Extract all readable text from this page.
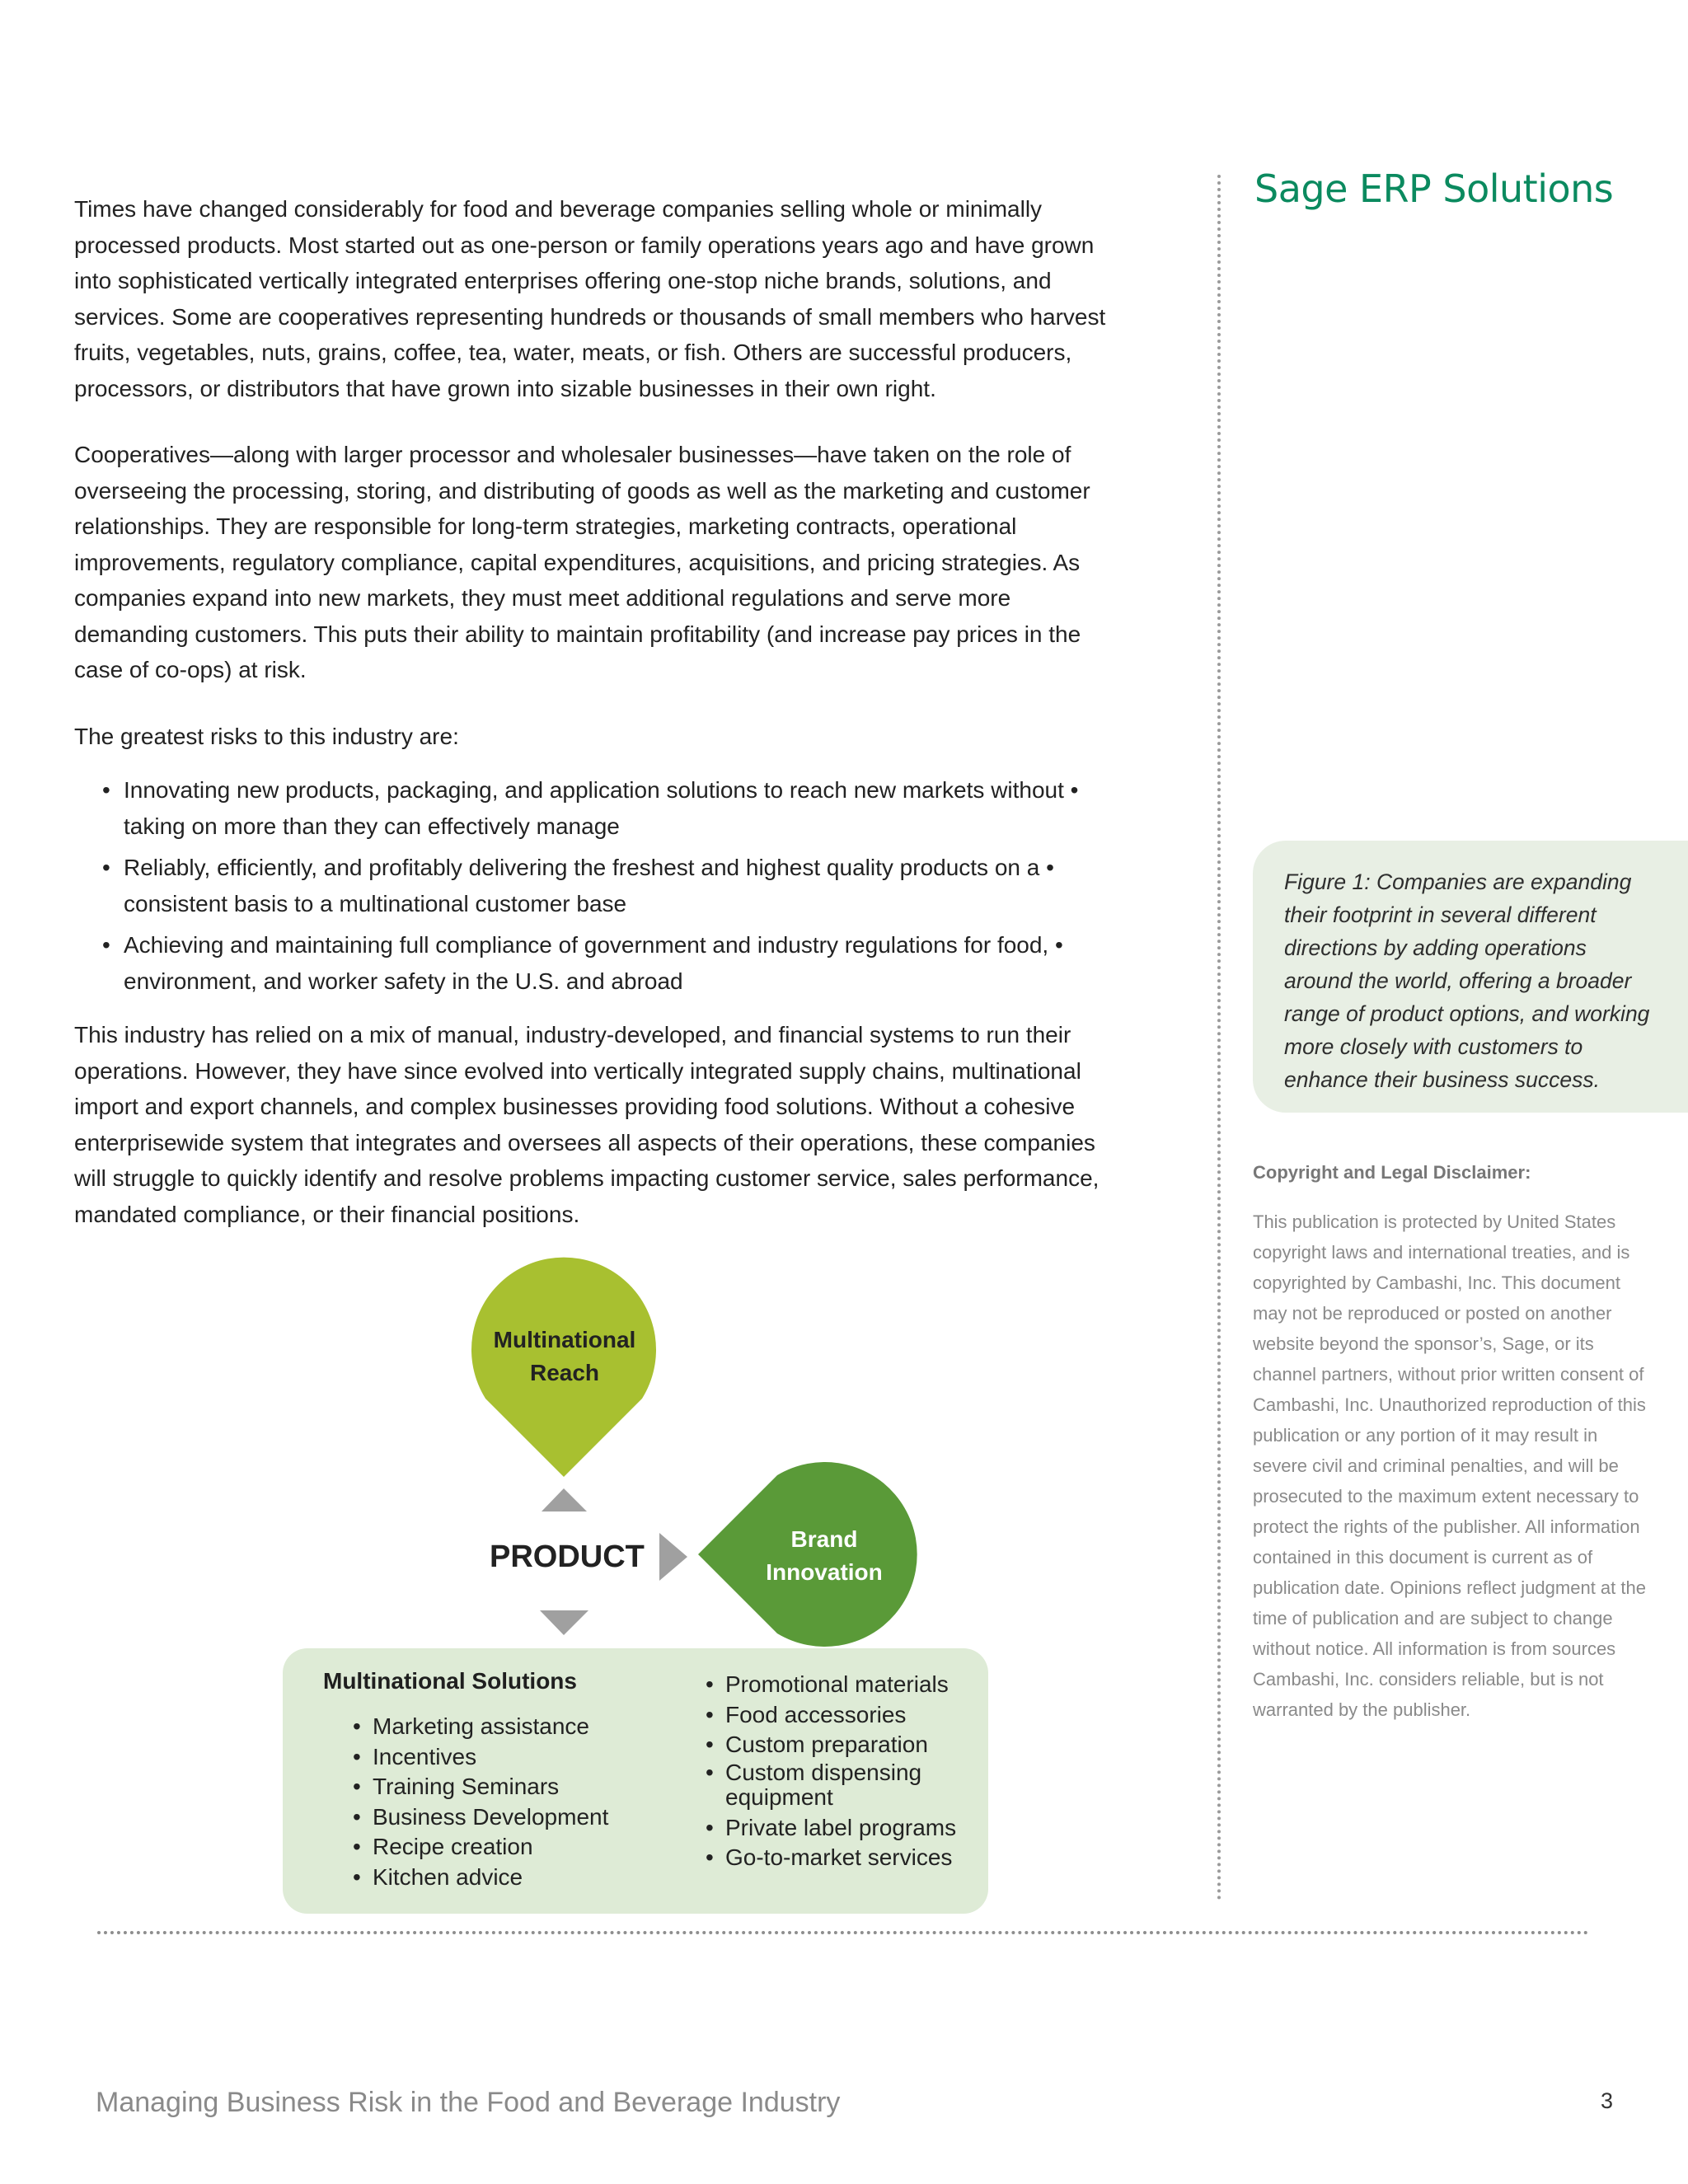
Times have changed considerably for food and beverage companies selling whole or minimally processed products. Most started out as one-person or family operations years ago and have grown into sophisticated vertically integrated enterprises offering one-stop niche brands, solutions, and services. Some are cooperatives representing hundreds or thousands of small members who harvest fruits, vegetables, nuts, grains, coffee, tea, water, meats, or fish. Others are successful producers, processors, or distributors that have grown into sizable businesses in their own right.

Cooperatives—along with larger processor and wholesaler businesses—have taken on the role of overseeing the processing, storing, and distributing of goods as well as the marketing and customer relationships. They are responsible for long-term strategies, marketing contracts, operational improvements, regulatory compliance, capital expenditures, acquisitions, and pricing strategies. As companies expand into new markets, they must meet additional regulations and serve more demanding customers. This puts their ability to maintain profitability (and increase pay prices in the case of co-ops) at risk.

The greatest risks to this industry are:

• Innovating new products, packaging, and application solutions to reach new markets without • taking on more than they can effectively manage
• Reliably, efficiently, and profitably delivering the freshest and highest quality products on a • consistent basis to a multinational customer base
• Achieving and maintaining full compliance of government and industry regulations for food, • environment, and worker safety in the U.S. and abroad

This industry has relied on a mix of manual, industry-developed, and financial systems to run their operations. However, they have since evolved into vertically integrated supply chains, multinational import and export channels, and complex businesses providing food solutions. Without a cohesive enterprisewide system that integrates and oversees all aspects of their operations, these companies will struggle to quickly identify and resolve problems impacting customer service, sales performance, mandated compliance, or their financial positions.

Sage ERP Solutions
Figure 1: Companies are expanding their footprint in several different directions by adding operations around the world, offering a broader range of product options, and working more closely with customers to enhance their business success.
Copyright and Legal Disclaimer:
This publication is protected by United States copyright laws and international treaties, and is copyrighted by Cambashi, Inc. This document may not be reproduced or posted on another website beyond the sponsor’s, Sage, or its channel partners, without prior written consent of Cambashi, Inc. Unauthorized reproduction of this publication or any portion of it may result in severe civil and criminal penalties, and will be prosecuted to the maximum extent necessary to protect the rights of the publisher. All information contained in this document is current as of publication date. Opinions reflect judgment at the time of publication and are subject to change without notice. All information is from sources Cambashi, Inc. considers reliable, but is not warranted by the publisher.
Multinational
Reach
Brand
Innovation
PRODUCT
Multinational Solutions
• Marketing assistance
• Incentives
• Training Seminars
• Business Development
• Recipe creation
• Kitchen advice
• Promotional materials
• Food accessories
• Custom preparation
• Custom dispensing equipment
• Private label programs
• Go-to-market services
Managing Business Risk in the Food and Beverage Industry	3
